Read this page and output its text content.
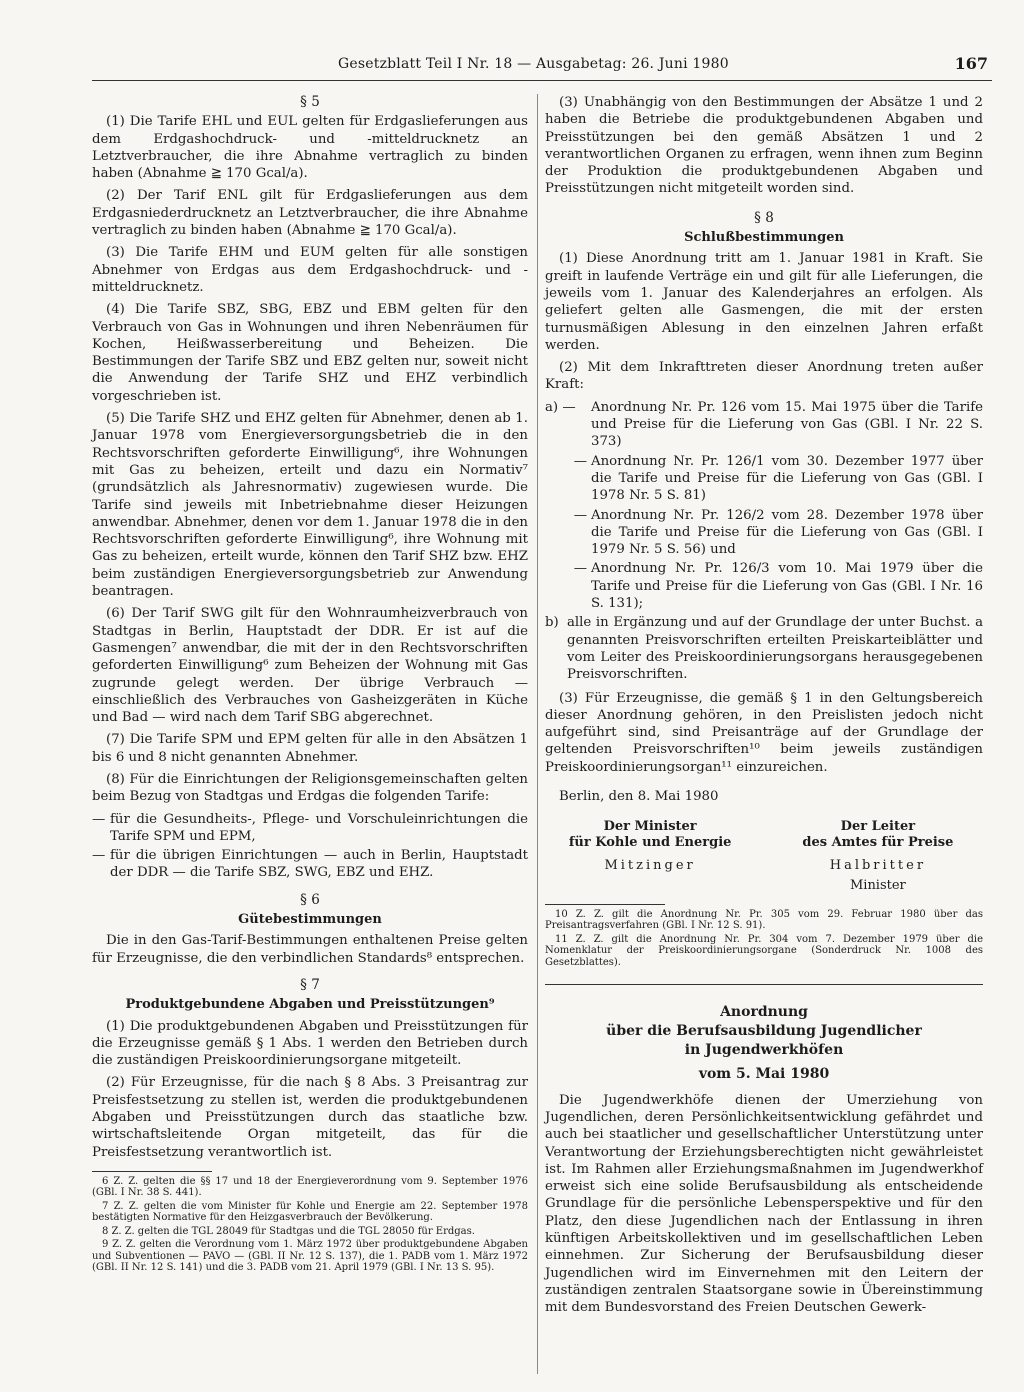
Gesetzblatt Teil I Nr. 18 — Ausgabetag: 26. Juni 1980	167
§ 5

(1) Die Tarife EHL und EUL gelten für Erdgaslieferungen aus dem Erdgashochdruck- und -mitteldrucknetz an Letztverbraucher, die ihre Abnahme vertraglich zu binden haben (Abnahme ≧ 170 Gcal/a).

(2) Der Tarif ENL gilt für Erdgaslieferungen aus dem Erdgasniederdrucknetz an Letztverbraucher, die ihre Abnahme vertraglich zu binden haben (Abnahme ≧ 170 Gcal/a).

(3) Die Tarife EHM und EUM gelten für alle sonstigen Abnehmer von Erdgas aus dem Erdgashochdruck- und -mitteldrucknetz.

(4) Die Tarife SBZ, SBG, EBZ und EBM gelten für den Verbrauch von Gas in Wohnungen und ihren Nebenräumen für Kochen, Heißwasserbereitung und Beheizen. Die Bestimmungen der Tarife SBZ und EBZ gelten nur, soweit nicht die Anwendung der Tarife SHZ und EHZ verbindlich vorgeschrieben ist.

(5) Die Tarife SHZ und EHZ gelten für Abnehmer, denen ab 1. Januar 1978 vom Energieversorgungsbetrieb die in den Rechtsvorschriften geforderte Einwilligung⁶, ihre Wohnungen mit Gas zu beheizen, erteilt und dazu ein Normativ⁷ (grundsätzlich als Jahresnormativ) zugewiesen wurde. Die Tarife sind jeweils mit Inbetriebnahme dieser Heizungen anwendbar. Abnehmer, denen vor dem 1. Januar 1978 die in den Rechtsvorschriften geforderte Einwilligung⁶, ihre Wohnung mit Gas zu beheizen, erteilt wurde, können den Tarif SHZ bzw. EHZ beim zuständigen Energieversorgungsbetrieb zur Anwendung beantragen.

(6) Der Tarif SWG gilt für den Wohnraumheizverbrauch von Stadtgas in Berlin, Hauptstadt der DDR. Er ist auf die Gasmengen⁷ anwendbar, die mit der in den Rechtsvorschriften geforderten Einwilligung⁶ zum Beheizen der Wohnung mit Gas zugrunde gelegt werden. Der übrige Verbrauch — einschließlich des Verbrauches von Gasheizgeräten in Küche und Bad — wird nach dem Tarif SBG abgerechnet.

(7) Die Tarife SPM und EPM gelten für alle in den Absätzen 1 bis 6 und 8 nicht genannten Abnehmer.

(8) Für die Einrichtungen der Religionsgemeinschaften gelten beim Bezug von Stadtgas und Erdgas die folgenden Tarife:

— für die Gesundheits-, Pflege- und Vorschuleinrichtungen die Tarife SPM und EPM,
— für die übrigen Einrichtungen — auch in Berlin, Hauptstadt der DDR — die Tarife SBZ, SWG, EBZ und EHZ.
§ 6
Gütebestimmungen

Die in den Gas-Tarif-Bestimmungen enthaltenen Preise gelten für Erzeugnisse, die den verbindlichen Standards⁸ entsprechen.

§ 7
Produktgebundene Abgaben und Preisstützungen⁹

(1) Die produktgebundenen Abgaben und Preisstützungen für die Erzeugnisse gemäß § 1 Abs. 1 werden den Betrieben durch die zuständigen Preiskoordinierungsorgane mitgeteilt.

(2) Für Erzeugnisse, für die nach § 8 Abs. 3 Preisantrag zur Preisfestsetzung zu stellen ist, werden die produktgebundenen Abgaben und Preisstützungen durch das staatliche bzw. wirtschaftsleitende Organ mitgeteilt, das für die Preisfestsetzung verantwortlich ist.

6 Z. Z. gelten die §§ 17 und 18 der Energieverordnung vom 9. September 1976 (GBl. I Nr. 38 S. 441).

7 Z. Z. gelten die vom Minister für Kohle und Energie am 22. September 1978 bestätigten Normative für den Heizgasverbrauch der Bevölkerung.

8 Z. Z. gelten die TGL 28049 für Stadtgas und die TGL 28050 für Erdgas.

9 Z. Z. gelten die Verordnung vom 1. März 1972 über produktgebundene Abgaben und Subventionen — PAVO — (GBl. II Nr. 12 S. 137), die 1. PADB vom 1. März 1972 (GBl. II Nr. 12 S. 141) und die 3. PADB vom 21. April 1979 (GBl. I Nr. 13 S. 95).

(3) Unabhängig von den Bestimmungen der Absätze 1 und 2 haben die Betriebe die produktgebundenen Abgaben und Preisstützungen bei den gemäß Absätzen 1 und 2 verantwortlichen Organen zu erfragen, wenn ihnen zum Beginn der Produktion die produktgebundenen Abgaben und Preisstützungen nicht mitgeteilt worden sind.

§ 8
Schlußbestimmungen

(1) Diese Anordnung tritt am 1. Januar 1981 in Kraft. Sie greift in laufende Verträge ein und gilt für alle Lieferungen, die jeweils vom 1. Januar des Kalenderjahres an erfolgen. Als geliefert gelten alle Gasmengen, die mit der ersten turnusmäßigen Ablesung in den einzelnen Jahren erfaßt werden.

(2) Mit dem Inkrafttreten dieser Anordnung treten außer Kraft:

a) —	Anordnung Nr. Pr. 126 vom 15. Mai 1975 über die Tarife und Preise für die Lieferung von Gas (GBl. I Nr. 22 S. 373)
— Anordnung Nr. Pr. 126/1 vom 30. Dezember 1977 über die Tarife und Preise für die Lieferung von Gas (GBl. I 1978 Nr. 5 S. 81)
— Anordnung Nr. Pr. 126/2 vom 28. Dezember 1978 über die Tarife und Preise für die Lieferung von Gas (GBl. I 1979 Nr. 5 S. 56) und
— Anordnung Nr. Pr. 126/3 vom 10. Mai 1979 über die Tarife und Preise für die Lieferung von Gas (GBl. I Nr. 16 S. 131);
b) alle in Ergänzung und auf der Grundlage der unter Buchst. a genannten Preisvorschriften erteilten Preiskarteiblätter und vom Leiter des Preiskoordinierungsorgans herausgegebenen Preisvorschriften.

(3) Für Erzeugnisse, die gemäß § 1 in den Geltungsbereich dieser Anordnung gehören, in den Preislisten jedoch nicht aufgeführt sind, sind Preisanträge auf der Grundlage der geltenden Preisvorschriften¹⁰ beim jeweils zuständigen Preiskoordinierungsorgan¹¹ einzureichen.

Berlin, den 8. Mai 1980

Der Minister
für Kohle und Energie
Mitzinger
Der Leiter
des Amtes für Preise
Halbritter
Minister

10 Z. Z. gilt die Anordnung Nr. Pr. 305 vom 29. Februar 1980 über das Preisantragsverfahren (GBl. I Nr. 12 S. 91).

11 Z. Z. gilt die Anordnung Nr. Pr. 304 vom 7. Dezember 1979 über die Nomenklatur der Preiskoordinierungsorgane (Sonderdruck Nr. 1008 des Gesetzblattes).

Anordnung
über die Berufsausbildung Jugendlicher
in Jugendwerkhöfen
vom 5. Mai 1980

Die Jugendwerkhöfe dienen der Umerziehung von Jugendlichen, deren Persönlichkeitsentwicklung gefährdet und auch bei staatlicher und gesellschaftlicher Unterstützung unter Verantwortung der Erziehungsberechtigten nicht gewährleistet ist. Im Rahmen aller Erziehungsmaßnahmen im Jugendwerkhof erweist sich eine solide Berufsausbildung als entscheidende Grundlage für die persönliche Lebensperspektive und für den Platz, den diese Jugendlichen nach der Entlassung in ihren künftigen Arbeitskollektiven und im gesellschaftlichen Leben einnehmen. Zur Sicherung der Berufsausbildung dieser Jugendlichen wird im Einvernehmen mit den Leitern der zuständigen zentralen Staatsorgane sowie in Übereinstimmung mit dem Bundesvorstand des Freien Deutschen Gewerk-
